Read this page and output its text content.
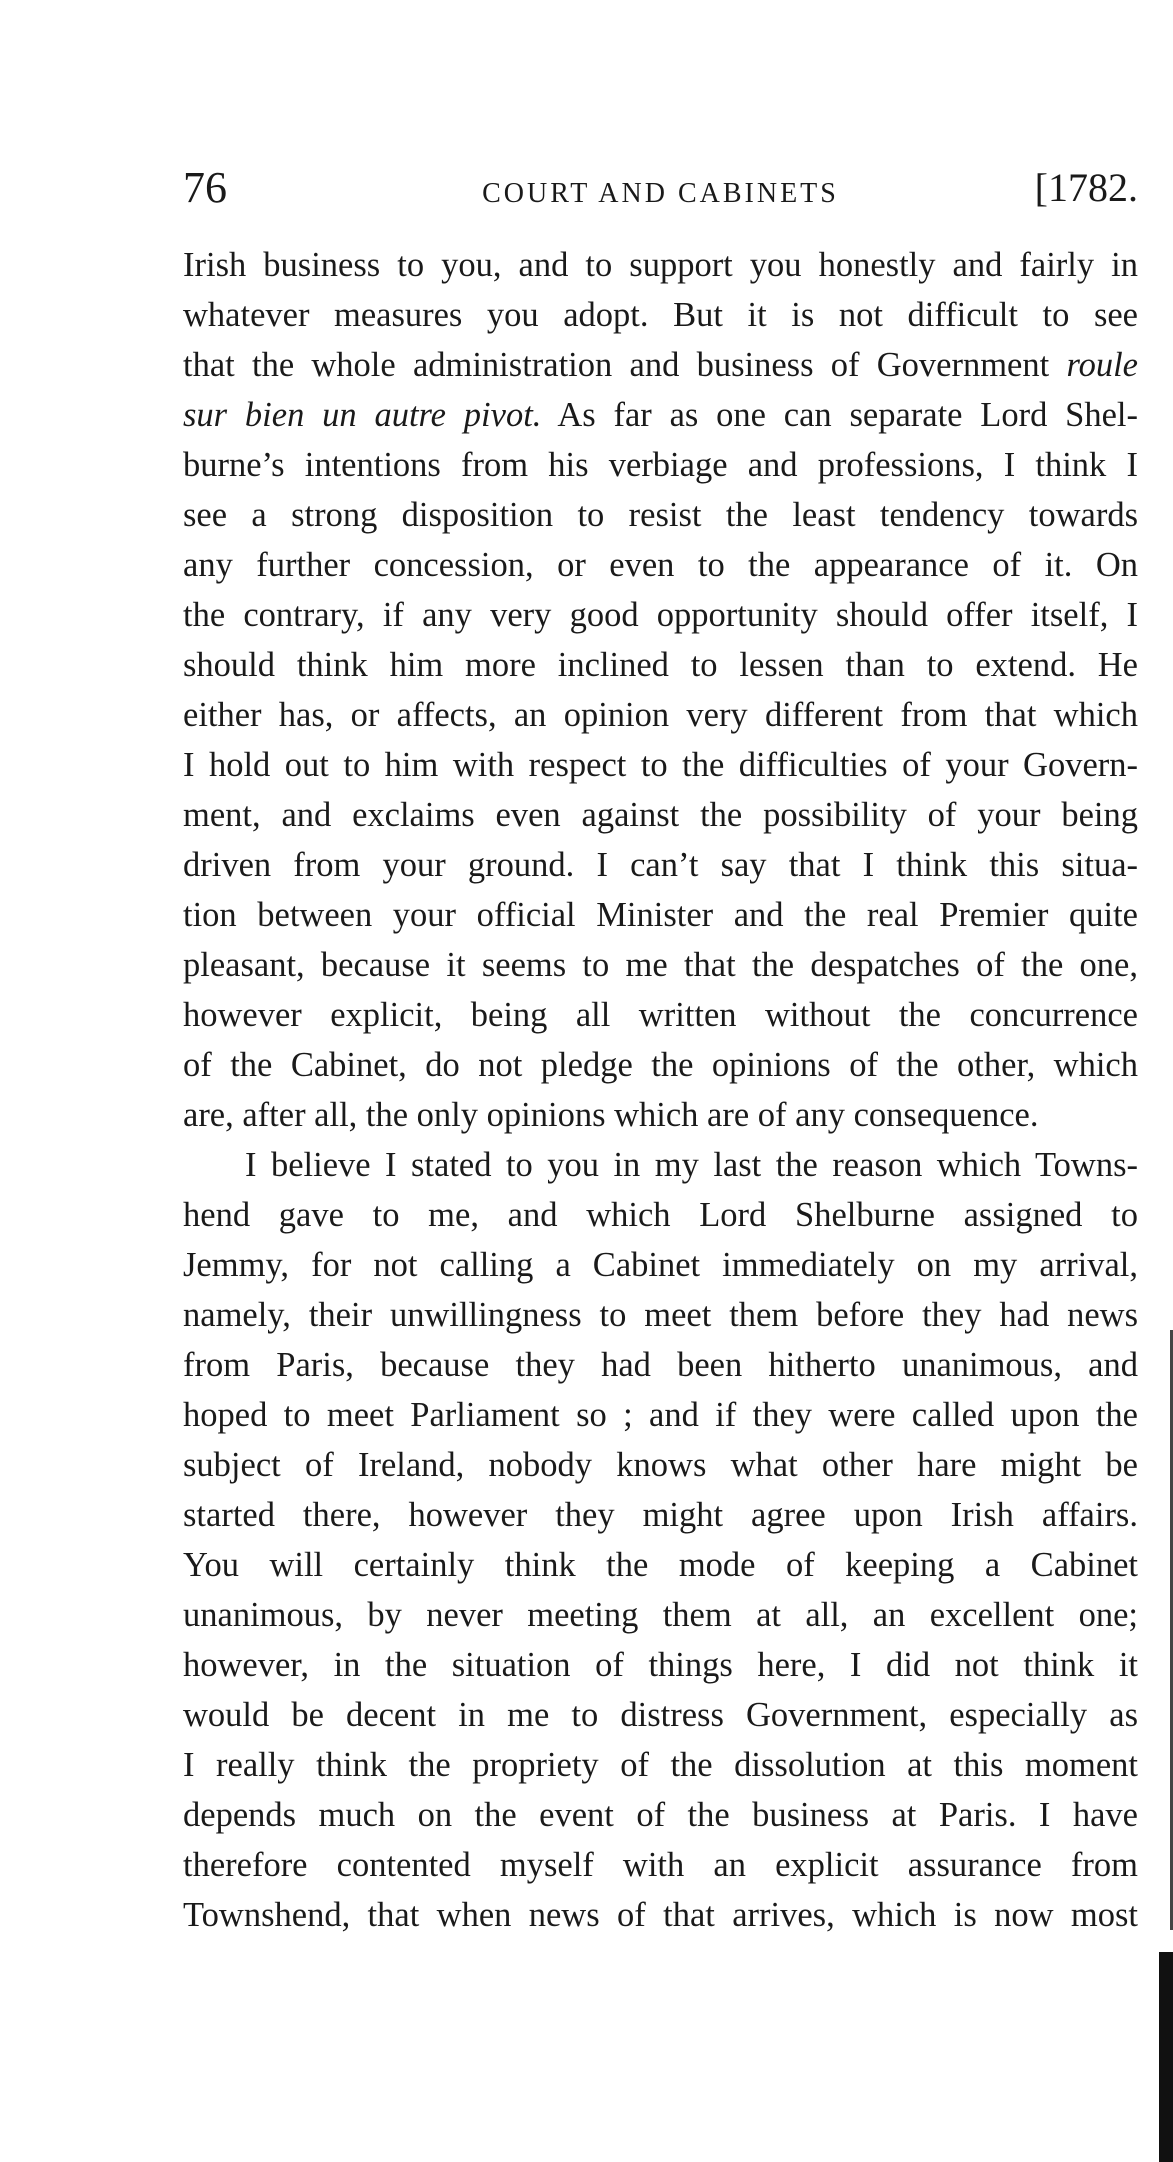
76	COURT AND CABINETS	[1782.
Irish business to you, and to support you honestly and fairly in
whatever measures you adopt. But it is not difficult to see
that the whole administration and business of Government roule
sur bien un autre pivot. As far as one can separate Lord Shel-
burne’s intentions from his verbiage and professions, I think I
see a strong disposition to resist the least tendency towards
any further concession, or even to the appearance of it. On
the contrary, if any very good opportunity should offer itself, I
should think him more inclined to lessen than to extend. He
either has, or affects, an opinion very different from that which
I hold out to him with respect to the difficulties of your Govern-
ment, and exclaims even against the possibility of your being
driven from your ground. I can’t say that I think this situa-
tion between your official Minister and the real Premier quite
pleasant, because it seems to me that the despatches of the one,
however explicit, being all written without the concurrence
of the Cabinet, do not pledge the opinions of the other, which
are, after all, the only opinions which are of any consequence.
I believe I stated to you in my last the reason which Towns-
hend gave to me, and which Lord Shelburne assigned to
Jemmy, for not calling a Cabinet immediately on my arrival,
namely, their unwillingness to meet them before they had news
from Paris, because they had been hitherto unanimous, and
hoped to meet Parliament so ; and if they were called upon the
subject of Ireland, nobody knows what other hare might be
started there, however they might agree upon Irish affairs.
You will certainly think the mode of keeping a Cabinet
unanimous, by never meeting them at all, an excellent one;
however, in the situation of things here, I did not think it
would be decent in me to distress Government, especially as
I really think the propriety of the dissolution at this moment
depends much on the event of the business at Paris. I have
therefore contented myself with an explicit assurance from
Townshend, that when news of that arrives, which is now most
